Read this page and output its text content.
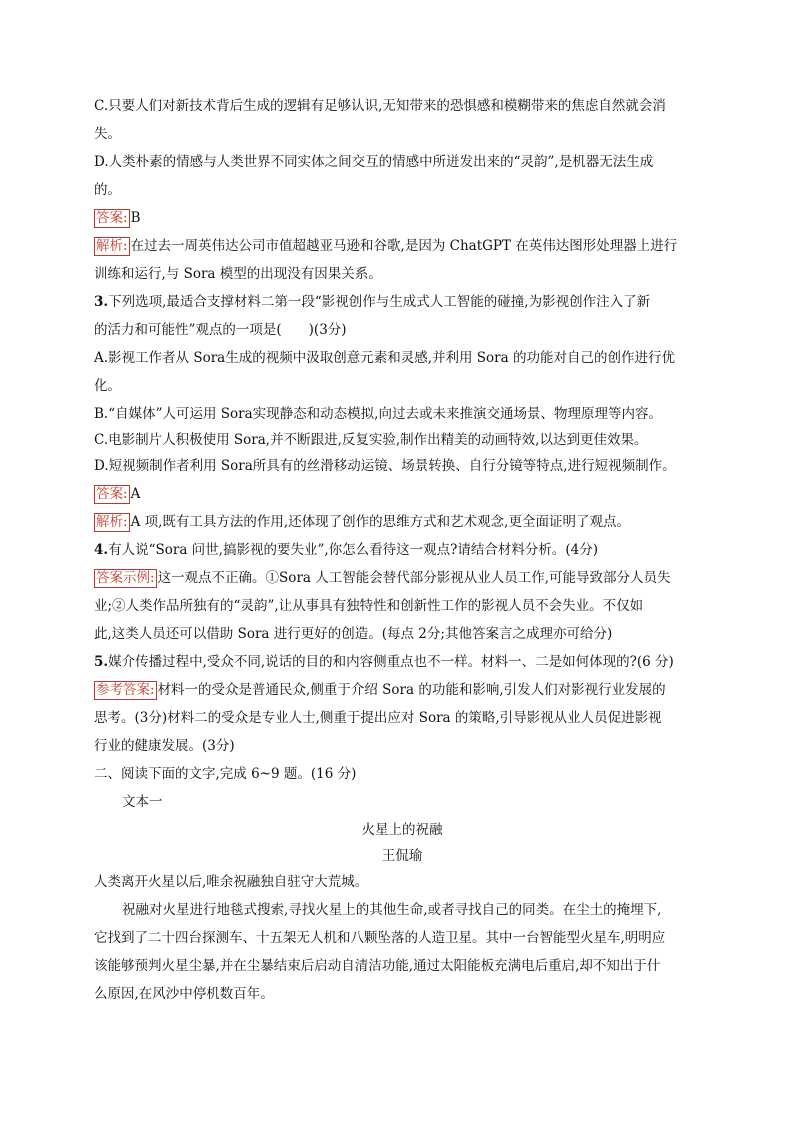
C.只要人们对新技术背后生成的逻辑有足够认识,无知带来的恐惧感和模糊带来的焦虑自然就会消
失。
D.人类朴素的情感与人类世界不同实体之间交互的情感中所迸发出来的“灵韵”,是机器无法生成
的。
答案: B
解析: 在过去一周英伟达公司市值超越亚马逊和谷歌,是因为 ChatGPT 在英伟达图形处理器上进行
训练和运行,与 Sora 模型的出现没有因果关系。
3.下列选项,最适合支撑材料二第一段“影视创作与生成式人工智能的碰撞,为影视创作注入了新
的活力和可能性”观点的一项是(　　)(3分)
A.影视工作者从 Sora生成的视频中汲取创意元素和灵感,并利用 Sora 的功能对自己的创作进行优
化。
B.“自媒体”人可运用 Sora实现静态和动态模拟,向过去或未来推演交通场景、物理原理等内容。
C.电影制片人积极使用 Sora,并不断跟进,反复实验,制作出精美的动画特效,以达到更佳效果。
D.短视频制作者利用 Sora所具有的丝滑移动运镜、场景转换、自行分镜等特点,进行短视频制作。
答案: A
解析: A 项,既有工具方法的作用,还体现了创作的思维方式和艺术观念,更全面证明了观点。
4.有人说“Sora 问世,搞影视的要失业”,你怎么看待这一观点?请结合材料分析。(4分)
答案示例: 这一观点不正确。①Sora 人工智能会替代部分影视从业人员工作,可能导致部分人员失
业;②人类作品所独有的“灵韵”,让从事具有独特性和创新性工作的影视人员不会失业。不仅如
此,这类人员还可以借助 Sora 进行更好的创造。(每点 2分;其他答案言之成理亦可给分)
5.媒介传播过程中,受众不同,说话的目的和内容侧重点也不一样。材料一、二是如何体现的?(6 分)
参考答案: 材料一的受众是普通民众,侧重于介绍 Sora 的功能和影响,引发人们对影视行业发展的
思考。(3分)材料二的受众是专业人士,侧重于提出应对 Sora 的策略,引导影视从业人员促进影视
行业的健康发展。(3分)
二、阅读下面的文字,完成 6~9 题。(16 分)
文本一
火星上的祝融
王侃瑜
人类离开火星以后,唯余祝融独自驻守大荒城。
祝融对火星进行地毯式搜索,寻找火星上的其他生命,或者寻找自己的同类。在尘土的掩埋下,
它找到了二十四台探测车、十五架无人机和八颗坠落的人造卫星。其中一台智能型火星车,明明应
该能够预判火星尘暴,并在尘暴结束后启动自清洁功能,通过太阳能板充满电后重启,却不知出于什
么原因,在风沙中停机数百年。
